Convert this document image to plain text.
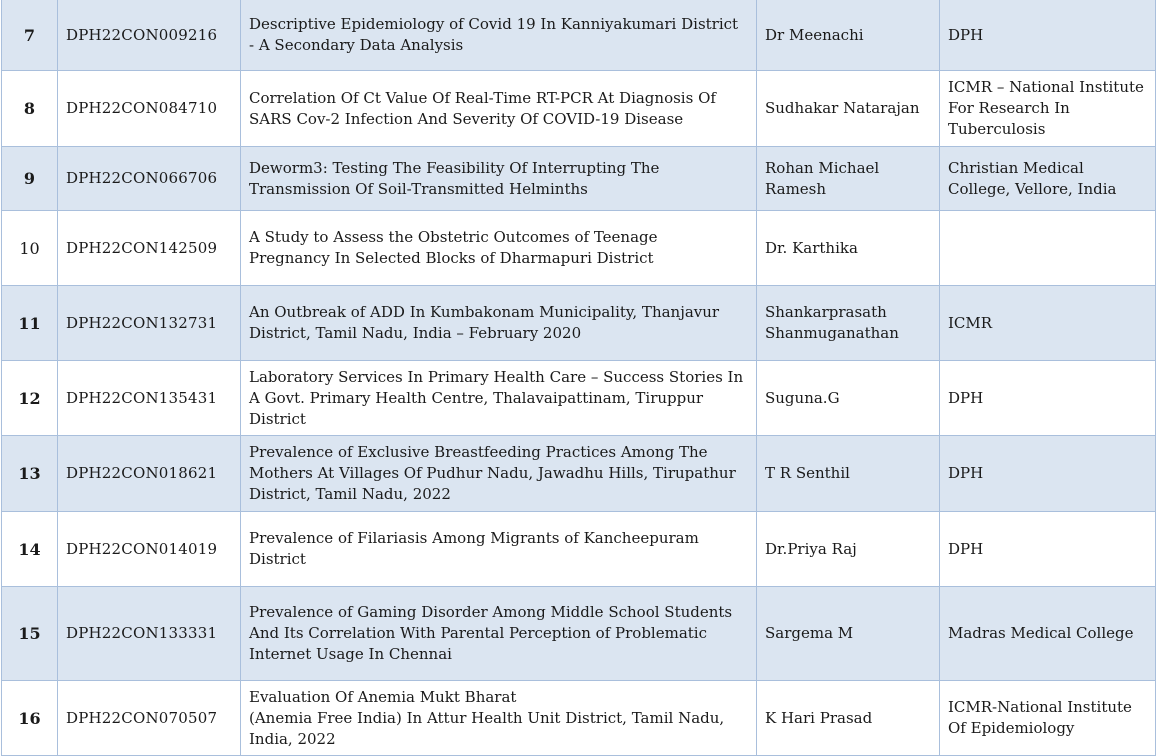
7	DPH22CON009216	Descriptive Epidemiology of Covid 19 In Kanniyakumari District
- A Secondary Data Analysis	Dr Meenachi	DPH

8	DPH22CON084710	Correlation Of Ct Value Of Real-Time RT-PCR At Diagnosis Of
SARS Cov-2 Infection And Severity Of COVID-19 Disease	Sudhakar Natarajan	ICMR – National Institute
For Research In
Tuberculosis

9	DPH22CON066706	Deworm3: Testing The Feasibility Of Interrupting The
Transmission Of Soil-Transmitted Helminths	Rohan Michael
Ramesh	Christian Medical
College, Vellore, India

10	DPH22CON142509	A Study to Assess the Obstetric Outcomes of Teenage
Pregnancy In Selected Blocks of Dharmapuri District	Dr. Karthika	

11	DPH22CON132731	An Outbreak of ADD In Kumbakonam Municipality, Thanjavur
District, Tamil Nadu, India – February 2020	Shankarprasath
Shanmuganathan	ICMR

12	DPH22CON135431	Laboratory Services In Primary Health Care – Success Stories In
A Govt. Primary Health Centre, Thalavaipattinam, Tiruppur
District	Suguna.G	DPH

13	DPH22CON018621	Prevalence of Exclusive Breastfeeding Practices Among The
Mothers At Villages Of Pudhur Nadu, Jawadhu Hills, Tirupathur
District, Tamil Nadu, 2022	T R Senthil	DPH

14	DPH22CON014019	Prevalence of Filariasis Among Migrants of Kancheepuram
District	Dr.Priya Raj	DPH

15	DPH22CON133331	Prevalence of Gaming Disorder Among Middle School Students
And Its Correlation With Parental Perception of Problematic
Internet Usage In Chennai	Sargema M	Madras Medical College

16	DPH22CON070507	Evaluation Of Anemia Mukt Bharat
(Anemia Free India) In Attur Health Unit District, Tamil Nadu,
India, 2022	K Hari Prasad	ICMR-National Institute
Of Epidemiology
